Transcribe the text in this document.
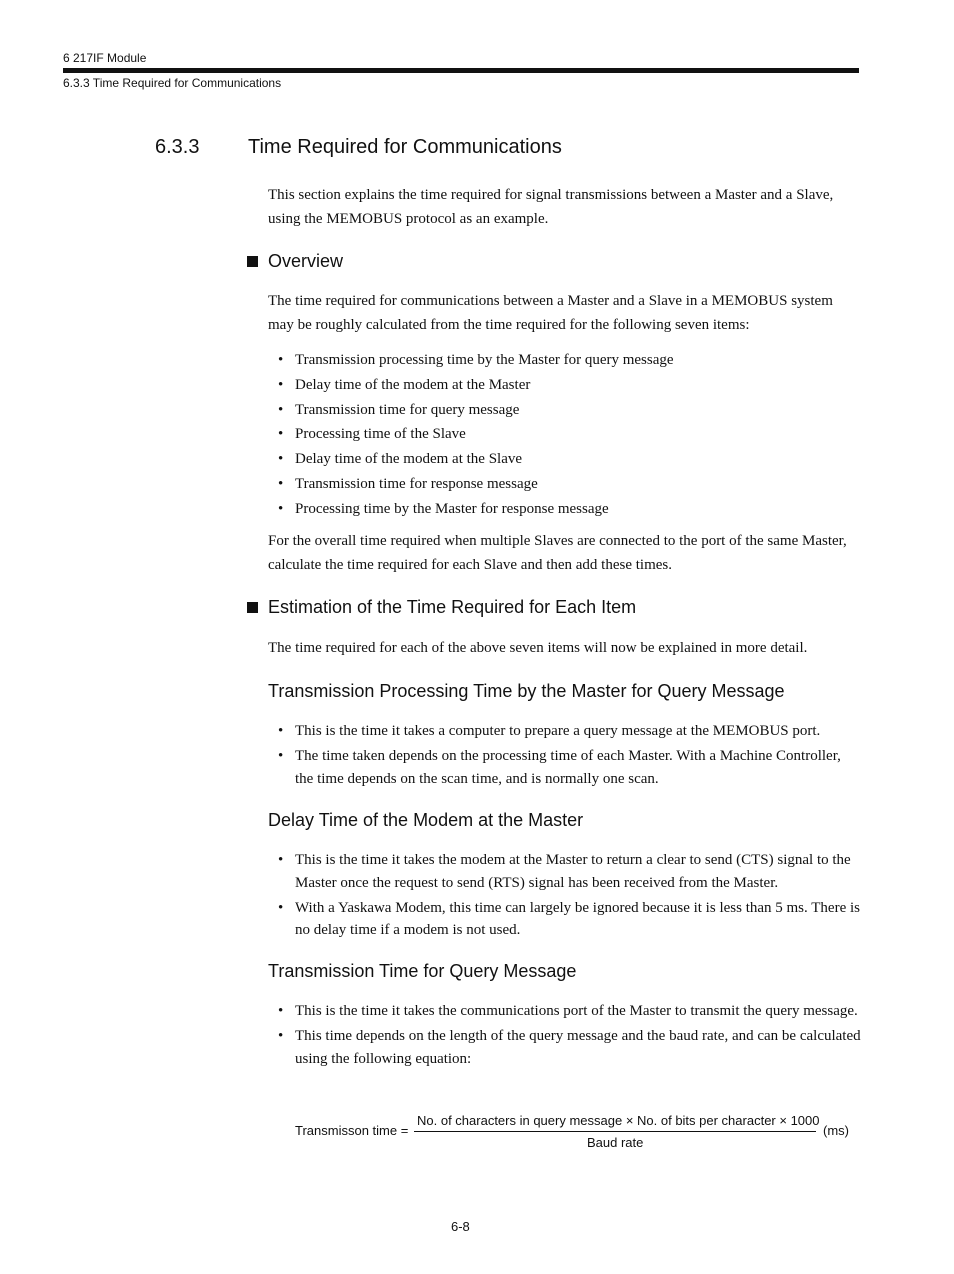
6 217IF Module
6.3.3 Time Required for Communications
6.3.3 Time Required for Communications

This section explains the time required for signal transmissions between a Master and a Slave, using the MEMOBUS protocol as an example.

Overview

The time required for communications between a Master and a Slave in a MEMOBUS system may be roughly calculated from the time required for the following seven items:

• Transmission processing time by the Master for query message
• Delay time of the modem at the Master
• Transmission time for query message
• Processing time of the Slave
• Delay time of the modem at the Slave
• Transmission time for response message
• Processing time by the Master for response message

For the overall time required when multiple Slaves are connected to the port of the same Master, calculate the time required for each Slave and then add these times.

Estimation of the Time Required for Each Item

The time required for each of the above seven items will now be explained in more detail.

Transmission Processing Time by the Master for Query Message
• This is the time it takes a computer to prepare a query message at the MEMOBUS port.
• The time taken depends on the processing time of each Master. With a Machine Controller, the time depends on the scan time, and is normally one scan.
Delay Time of the Modem at the Master
• This is the time it takes the modem at the Master to return a clear to send (CTS) signal to the Master once the request to send (RTS) signal has been received from the Master.
• With a Yaskawa Modem, this time can largely be ignored because it is less than 5 ms. There is no delay time if a modem is not used.
Transmission Time for Query Message
• This is the time it takes the communications port of the Master to transmit the query message.
• This time depends on the length of the query message and the baud rate, and can be calculated using the following equation:
Transmisson time =
No. of characters in query message × No. of bits per character × 1000
Baud rate
(ms)
6-8
